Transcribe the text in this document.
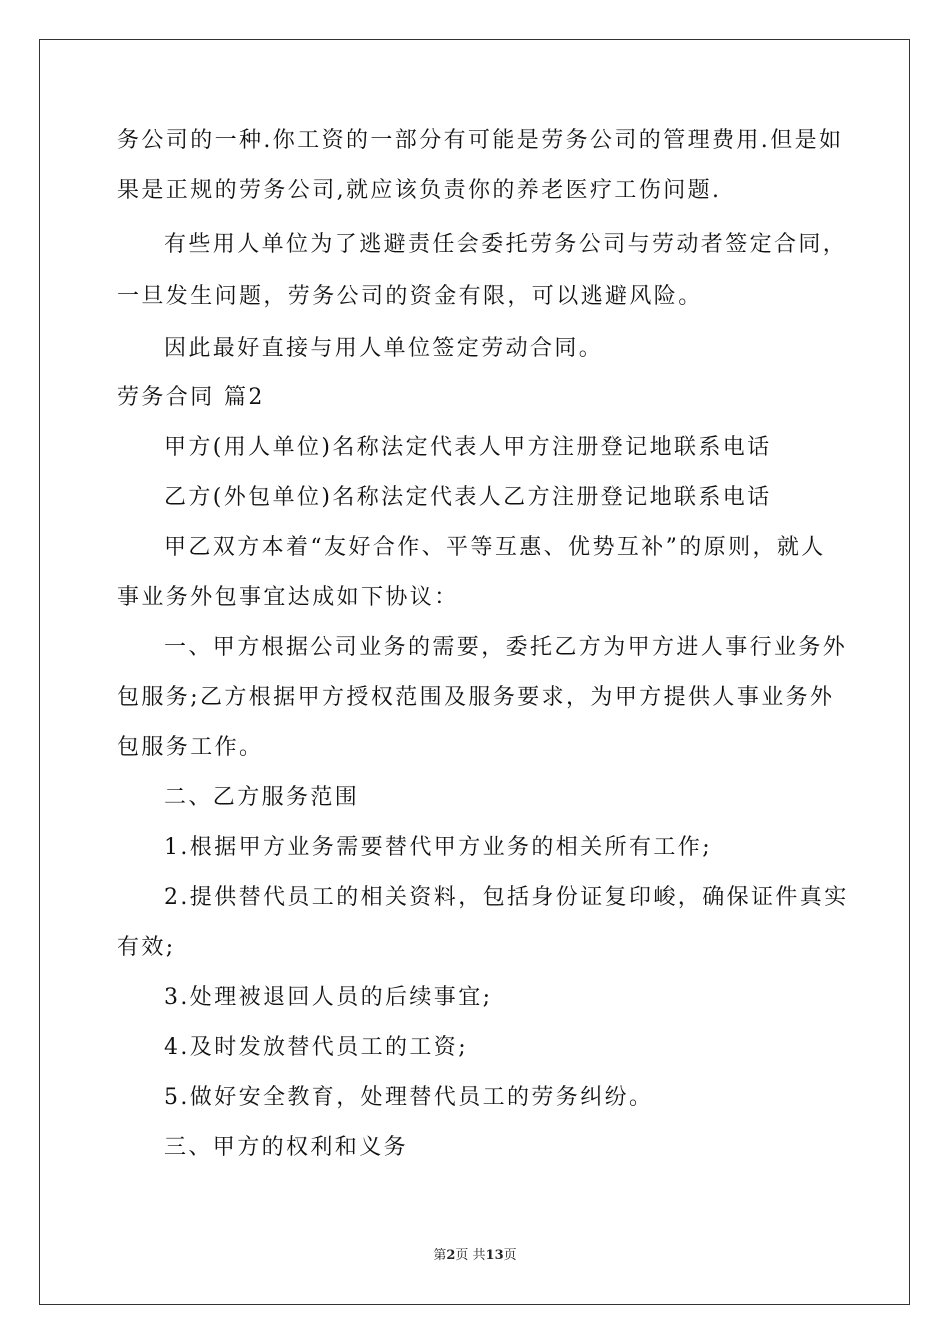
务公司的一种.你工资的一部分有可能是劳务公司的管理费用.但是如
果是正规的劳务公司,就应该负责你的养老医疗工伤问题.
有些用人单位为了逃避责任会委托劳务公司与劳动者签定合同，
一旦发生问题，劳务公司的资金有限，可以逃避风险。
因此最好直接与用人单位签定劳动合同。
劳务合同 篇2
甲方(用人单位)名称法定代表人甲方注册登记地联系电话
乙方(外包单位)名称法定代表人乙方注册登记地联系电话
甲乙双方本着“友好合作、平等互惠、优势互补”的原则，就人
事业务外包事宜达成如下协议：
一、甲方根据公司业务的需要，委托乙方为甲方进人事行业务外
包服务;乙方根据甲方授权范围及服务要求，为甲方提供人事业务外
包服务工作。
二、乙方服务范围
1.根据甲方业务需要替代甲方业务的相关所有工作;
2.提供替代员工的相关资料，包括身份证复印峻，确保证件真实
有效;
3.处理被退回人员的后续事宜;
4.及时发放替代员工的工资;
5.做好安全教育，处理替代员工的劳务纠纷。
三、甲方的权利和义务
第2页 共13页
